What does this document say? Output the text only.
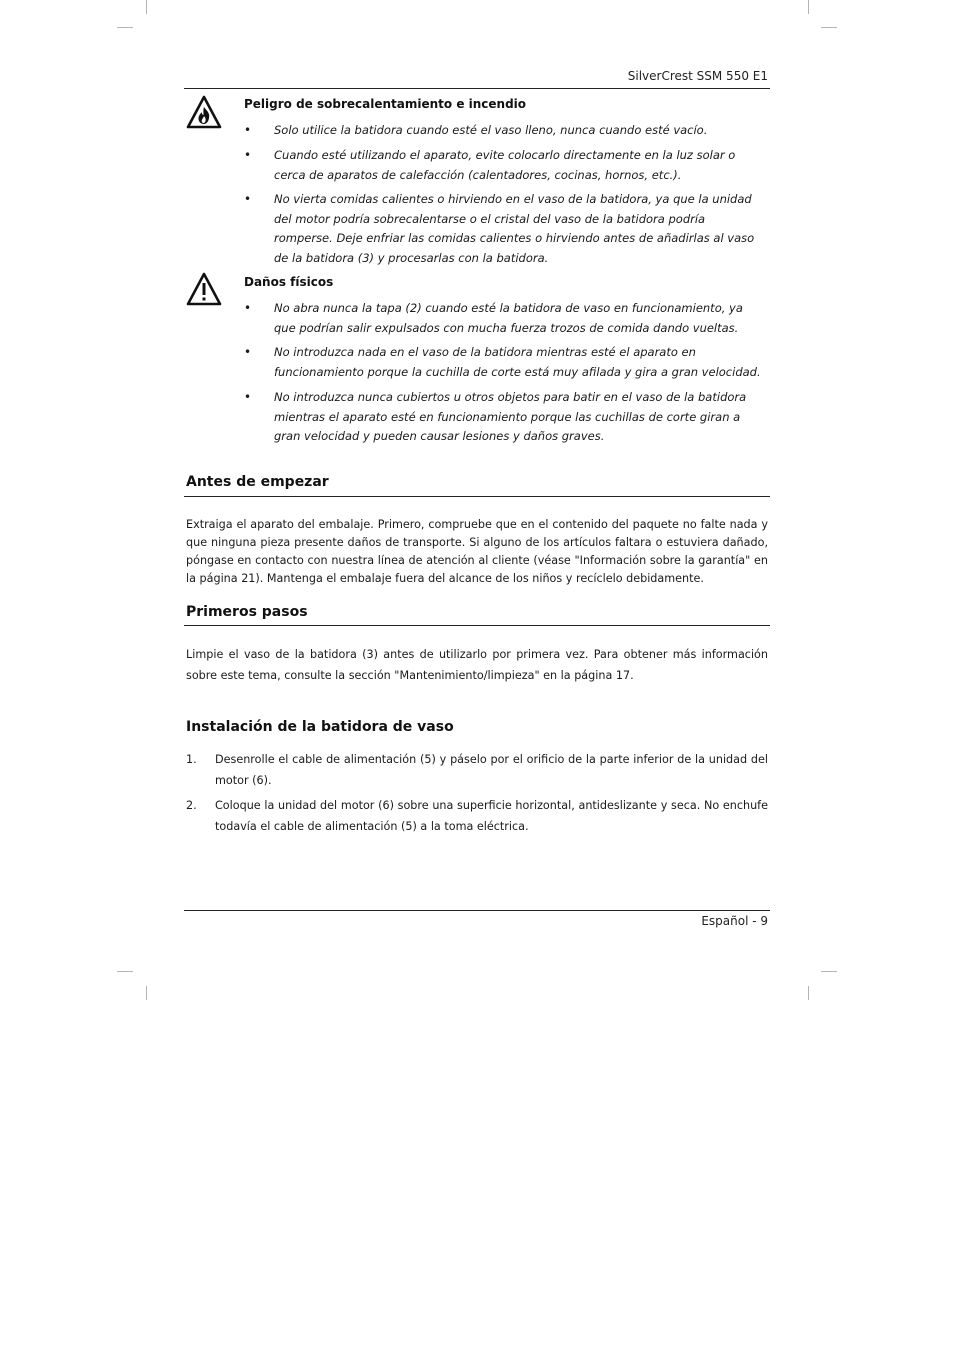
SilverCrest SSM 550 E1
Peligro de sobrecalentamiento e incendio
• Solo utilice la batidora cuando esté el vaso lleno, nunca cuando esté vacío.
• Cuando esté utilizando el aparato, evite colocarlo directamente en la luz solar o cerca de aparatos de calefacción (calentadores, cocinas, hornos, etc.).
• No vierta comidas calientes o hirviendo en el vaso de la batidora, ya que la unidad del motor podría sobrecalentarse o el cristal del vaso de la batidora podría romperse. Deje enfriar las comidas calientes o hirviendo antes de añadirlas al vaso de la batidora (3) y procesarlas con la batidora.
Daños físicos
• No abra nunca la tapa (2) cuando esté la batidora de vaso en funcionamiento, ya que podrían salir expulsados con mucha fuerza trozos de comida dando vueltas.
• No introduzca nada en el vaso de la batidora mientras esté el aparato en funcionamiento porque la cuchilla de corte está muy afilada y gira a gran velocidad.
• No introduzca nunca cubiertos u otros objetos para batir en el vaso de la batidora mientras el aparato esté en funcionamiento porque las cuchillas de corte giran a gran velocidad y pueden causar lesiones y daños graves.
Antes de empezar
Extraiga el aparato del embalaje. Primero, compruebe que en el contenido del paquete no falte nada y que ninguna pieza presente daños de transporte. Si alguno de los artículos faltara o estuviera dañado, póngase en contacto con nuestra línea de atención al cliente (véase "Información sobre la garantía" en la página 21). Mantenga el embalaje fuera del alcance de los niños y recíclelo debidamente.
Primeros pasos
Limpie el vaso de la batidora (3) antes de utilizarlo por primera vez. Para obtener más información sobre este tema, consulte la sección "Mantenimiento/limpieza" en la página 17.
Instalación de la batidora de vaso
1. Desenrolle el cable de alimentación (5) y páselo por el orificio de la parte inferior de la unidad del motor (6).
2. Coloque la unidad del motor (6) sobre una superficie horizontal, antideslizante y seca. No enchufe todavía el cable de alimentación (5) a la toma eléctrica.
Español - 9
